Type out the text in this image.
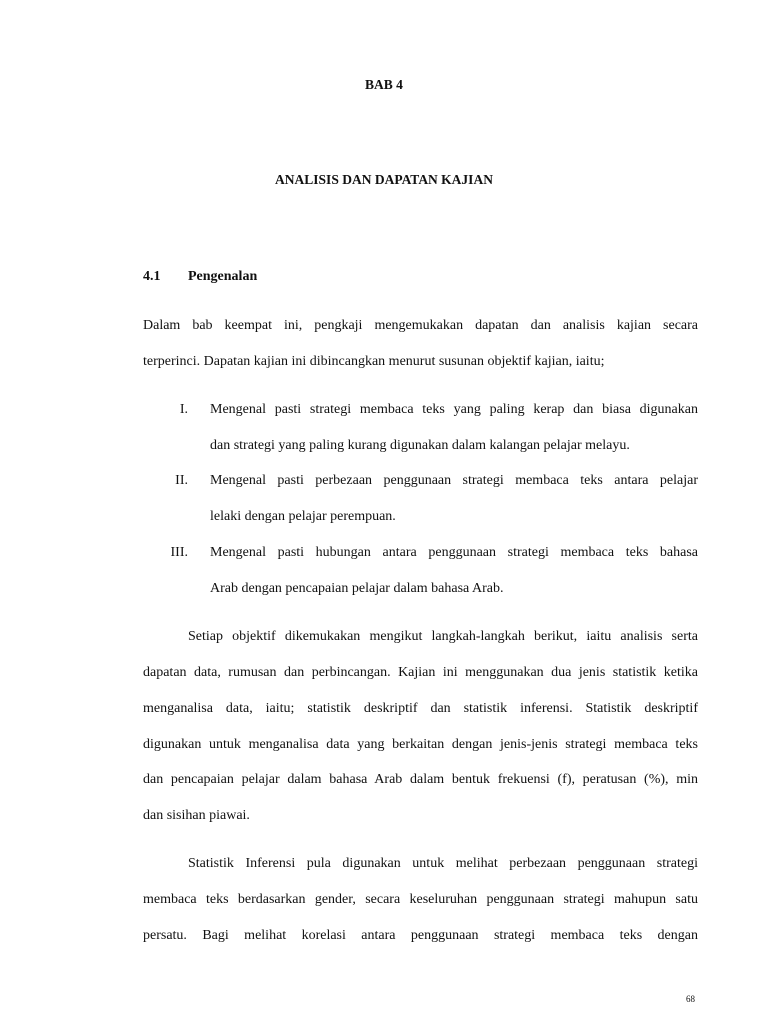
BAB 4
ANALISIS DAN DAPATAN KAJIAN
4.1 Pengenalan
Dalam bab keempat ini, pengkaji mengemukakan dapatan dan analisis kajian secara
terperinci. Dapatan kajian ini dibincangkan menurut susunan objektif kajian, iaitu;
I. Mengenal pasti strategi membaca teks yang paling kerap dan biasa digunakan
dan strategi yang paling kurang digunakan dalam kalangan pelajar melayu.
II. Mengenal pasti perbezaan penggunaan strategi membaca teks antara pelajar
lelaki dengan pelajar perempuan.
III. Mengenal pasti hubungan antara penggunaan strategi membaca teks bahasa
Arab dengan pencapaian pelajar dalam bahasa Arab.
Setiap objektif dikemukakan mengikut langkah-langkah berikut, iaitu analisis serta
dapatan data, rumusan dan perbincangan. Kajian ini menggunakan dua jenis statistik ketika
menganalisa data, iaitu; statistik deskriptif dan statistik inferensi. Statistik deskriptif
digunakan untuk menganalisa data yang berkaitan dengan jenis-jenis strategi membaca teks
dan pencapaian pelajar dalam bahasa Arab dalam bentuk frekuensi (f), peratusan (%), min
dan sisihan piawai.
Statistik Inferensi pula digunakan untuk melihat perbezaan penggunaan strategi
membaca teks berdasarkan gender, secara keseluruhan penggunaan strategi mahupun satu
persatu. Bagi melihat korelasi antara penggunaan strategi membaca teks dengan
68
